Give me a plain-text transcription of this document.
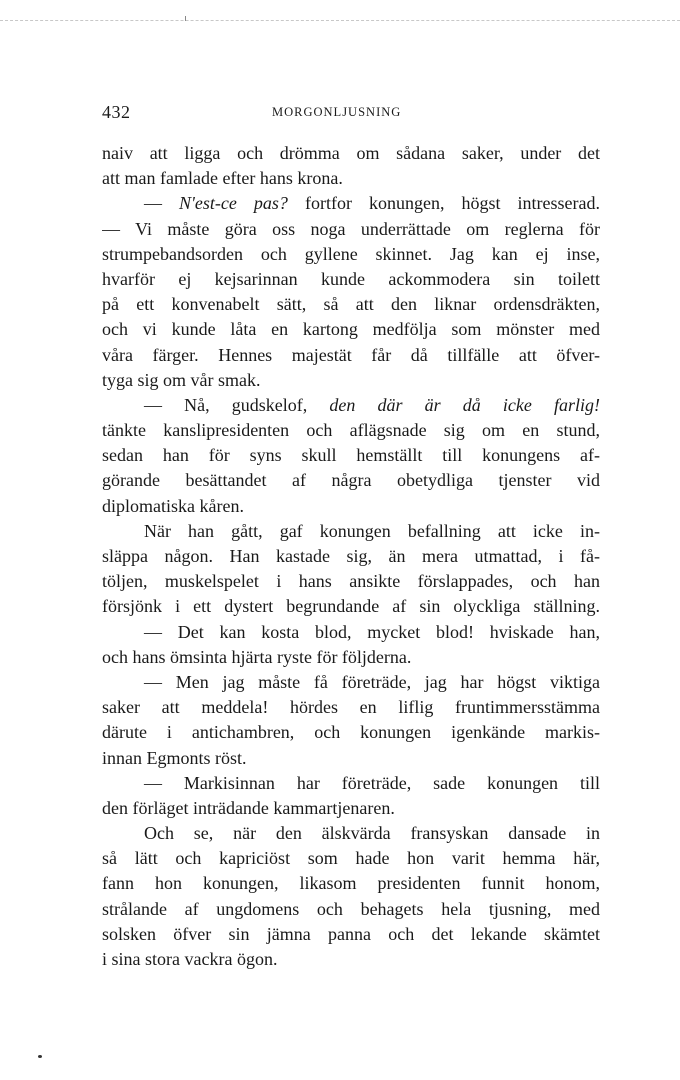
432	MORGONLJUSNING
naiv att ligga och drömma om sådana saker, under det
att man famlade efter hans krona.
— N'est-ce pas? fortfor konungen, högst intresserad.
— Vi måste göra oss noga underrättade om reglerna för
strumpebandsorden och gyllene skinnet. Jag kan ej inse,
hvarför ej kejsarinnan kunde ackommodera sin toilett
på ett konvenabelt sätt, så att den liknar ordensdräkten,
och vi kunde låta en kartong medfölja som mönster med
våra färger. Hennes majestät får då tillfälle att öfver-
tyga sig om vår smak.
— Nå, gudskelof, den där är då icke farlig!
tänkte kanslipresidenten och aflägsnade sig om en stund,
sedan han för syns skull hemställt till konungens af-
görande besättandet af några obetydliga tjenster vid
diplomatiska kåren.
När han gått, gaf konungen befallning att icke in-
släppa någon. Han kastade sig, än mera utmattad, i få-
töljen, muskelspelet i hans ansikte förslappades, och han
försjönk i ett dystert begrundande af sin olyckliga ställning.
— Det kan kosta blod, mycket blod! hviskade han,
och hans ömsinta hjärta ryste för följderna.
— Men jag måste få företräde, jag har högst viktiga
saker att meddela! hördes en liflig fruntimmersstämma
därute i antichambren, och konungen igenkände markis-
innan Egmonts röst.
— Markisinnan har företräde, sade konungen till
den förläget inträdande kammartjenaren.
Och se, när den älskvärda fransyskan dansade in
så lätt och kapriciöst som hade hon varit hemma här,
fann hon konungen, likasom presidenten funnit honom,
strålande af ungdomens och behagets hela tjusning, med
solsken öfver sin jämna panna och det lekande skämtet
i sina stora vackra ögon.
